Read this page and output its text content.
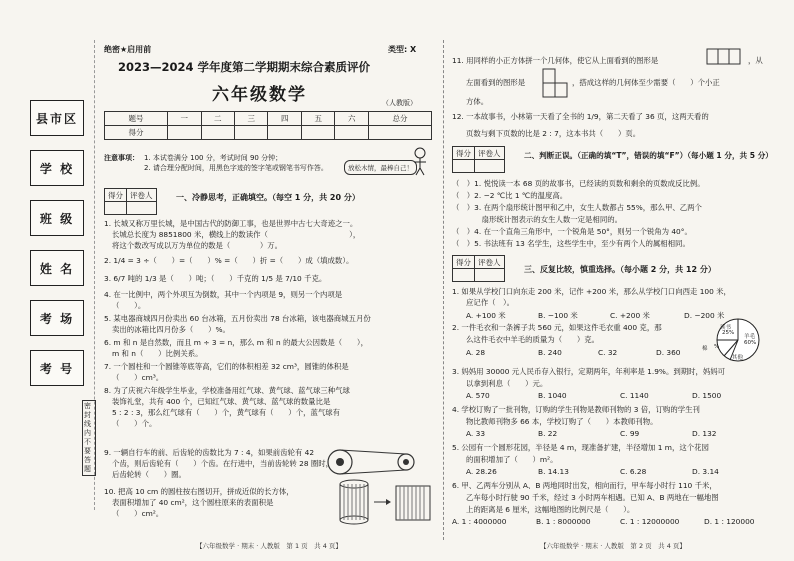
县市区
学 校
班 级
姓 名
考 场
考 号
密封线内不要答题
绝密★启用前	类型: X
2023—2024 学年度第二学期期末综合素质评价
六年级数学	（人教版）
题号	一	二	三	四	五	六	总分
得分							
注意事项： 1. 本试卷满分 100 分，考试时间 90 分钟；
2. 请合理分配时间，用黑色字迹的签字笔或钢笔书写作答。	放松木情，最棒自己！
得分	评卷人
		一、冷静思考，正确填空。（每空 1 分，共 20 分）
1. 长城又称万里长城，是中国古代的防御工事，也是世界中古七大奇迹之一。
长城总长度为 8851800 米，横线上的数读作（　　　　　　　　　　　），
将这个数改写成以万为单位的数是（　　　　）万。
2. 1/4 = 3 ÷（　　）=（　　）% =（　　）折 =（　　）成（填成数）。
3. 6/7 吨的 1/3 是（　　）吨；（　　）千克的 1/5 是 7/10 千克。
4. 在一比例中，两个外项互为倒数，其中一个内项是 9，则另一个内项是
（　　）。
5. 某电器商城四月份卖出 60 台冰箱，五月份卖出 78 台冰箱，该电器商城五月份
卖出的冰箱比四月份多（　　）%。
6. m 和 n 是自然数，而且 m ÷ 3 = n，那么 m 和 n 的最大公因数是（　　），
m 和 n（　　）比例关系。
7. 一个圆柱和一个圆锥等底等高，它们的体积相差 32 cm³，圆锥的体积是
（　　）cm³。
8. 为了庆祝六年级学生毕业，学校准备用红气球、黄气球、蓝气球三种气球
装饰礼堂，共有 400 个，已知红气球、黄气球、蓝气球的数量比是
5 : 2 : 3，那么红气球有（　　）个，黄气球有（　　）个，蓝气球有
（　　）个。
9. 一辆自行车的前、后齿轮的齿数比为 7 : 4，如果前齿轮有 42
个齿，则后齿轮有（　　）个齿。在行进中，当前齿轮转 28 圈时，
后齿轮转（　　）圈。
10. 把高 10 cm 的圆柱按右图切开，拼成近似的长方体，
表面积增加了 40 cm²，这个圆柱原来的表面积是
（　　）cm²。
【六年级数学 · 期末 · 人教版　第 1 页　共 4 页】
11. 用同样的小正方体拼一个几何体，使它从上面看到的图形是	，从
左面看到的图形是	，搭成这样的几何体至少需要（　　）个小正
方体。
12. 一本故事书，小林第一天看了全书的 1/9，第二天看了 36 页，这两天看的
页数与剩下页数的比是 2 : 7，这本书共（　　）页。
得分	评卷人
		二、判断正误。（正确的填“T”，错误的填“F”）（每小题 1 分，共 5 分）
（　）1. 悦悦读一本 68 页的故事书，已经读的页数和剩余的页数成反比例。
（　）2. −2 ℃比 1 ℃的温度高。
（　）3. 在两个扇形统计图甲和乙中，女生人数都占 55%，那么甲、乙两个
　　　　扇形统计图表示的女生人数一定是相同的。
（　）4. 在一个直角三角形中，一个锐角是 50°，则另一个锐角为 40°。
（　）5. 书法班有 13 名学生，这些学生中，至少有两个人的属相相同。
得分	评卷人

三、反复比较，慎重选择。（每小题 2 分，共 12 分）
1. 如果从学校门口向东走 200 米，记作 +200 米，那么从学校门口向西走 100 米，
应记作（　）。
A. +100 米	B. −100 米	C. +200 米	D. −200 米
2. 一件毛衣和一条裤子共 560 元，如果这件毛衣重 400 克，那
么这件毛衣中羊毛的质量为（　　）克。
A. 28	B. 240	C. 32	D. 360
读书
25%
羊毛
60%
棉
其他
%
3. 妈妈用 30000 元人民币存入银行，定期两年，年利率是 1.9%。到期时，妈妈可
以拿到利息（　　）元。
A. 570	B. 1040	C. 1140	D. 1500
4. 学校订购了一批刊物，订购的学生刊物是教师刊物的 3 倍，订购的学生刊
物比教师刊物多 66 本，学校订购了（　　）本教师刊物。
A. 33	B. 22	C. 99	D. 132
5. 公园有一个圆形花园，半径是 4 m，现准备扩建，半径增加 1 m，这个花园
的面积增加了（　　）m²。
A. 28.26	B. 14.13	C. 6.28	D. 3.14
6. 甲、乙两车分别从 A、B 两地同时出发，相向而行，甲车每小时行 110 千米，
乙车每小时行驶 90 千米，经过 3 小时两车相遇。已知 A、B 两地在一幅地图
上的距离是 6 厘米，这幅地图的比例尺是（　　）。
A. 1 : 4000000	B. 1 : 8000000	C. 1 : 12000000	D. 1 : 120000
【六年级数学 · 期末 · 人教版　第 2 页　共 4 页】
